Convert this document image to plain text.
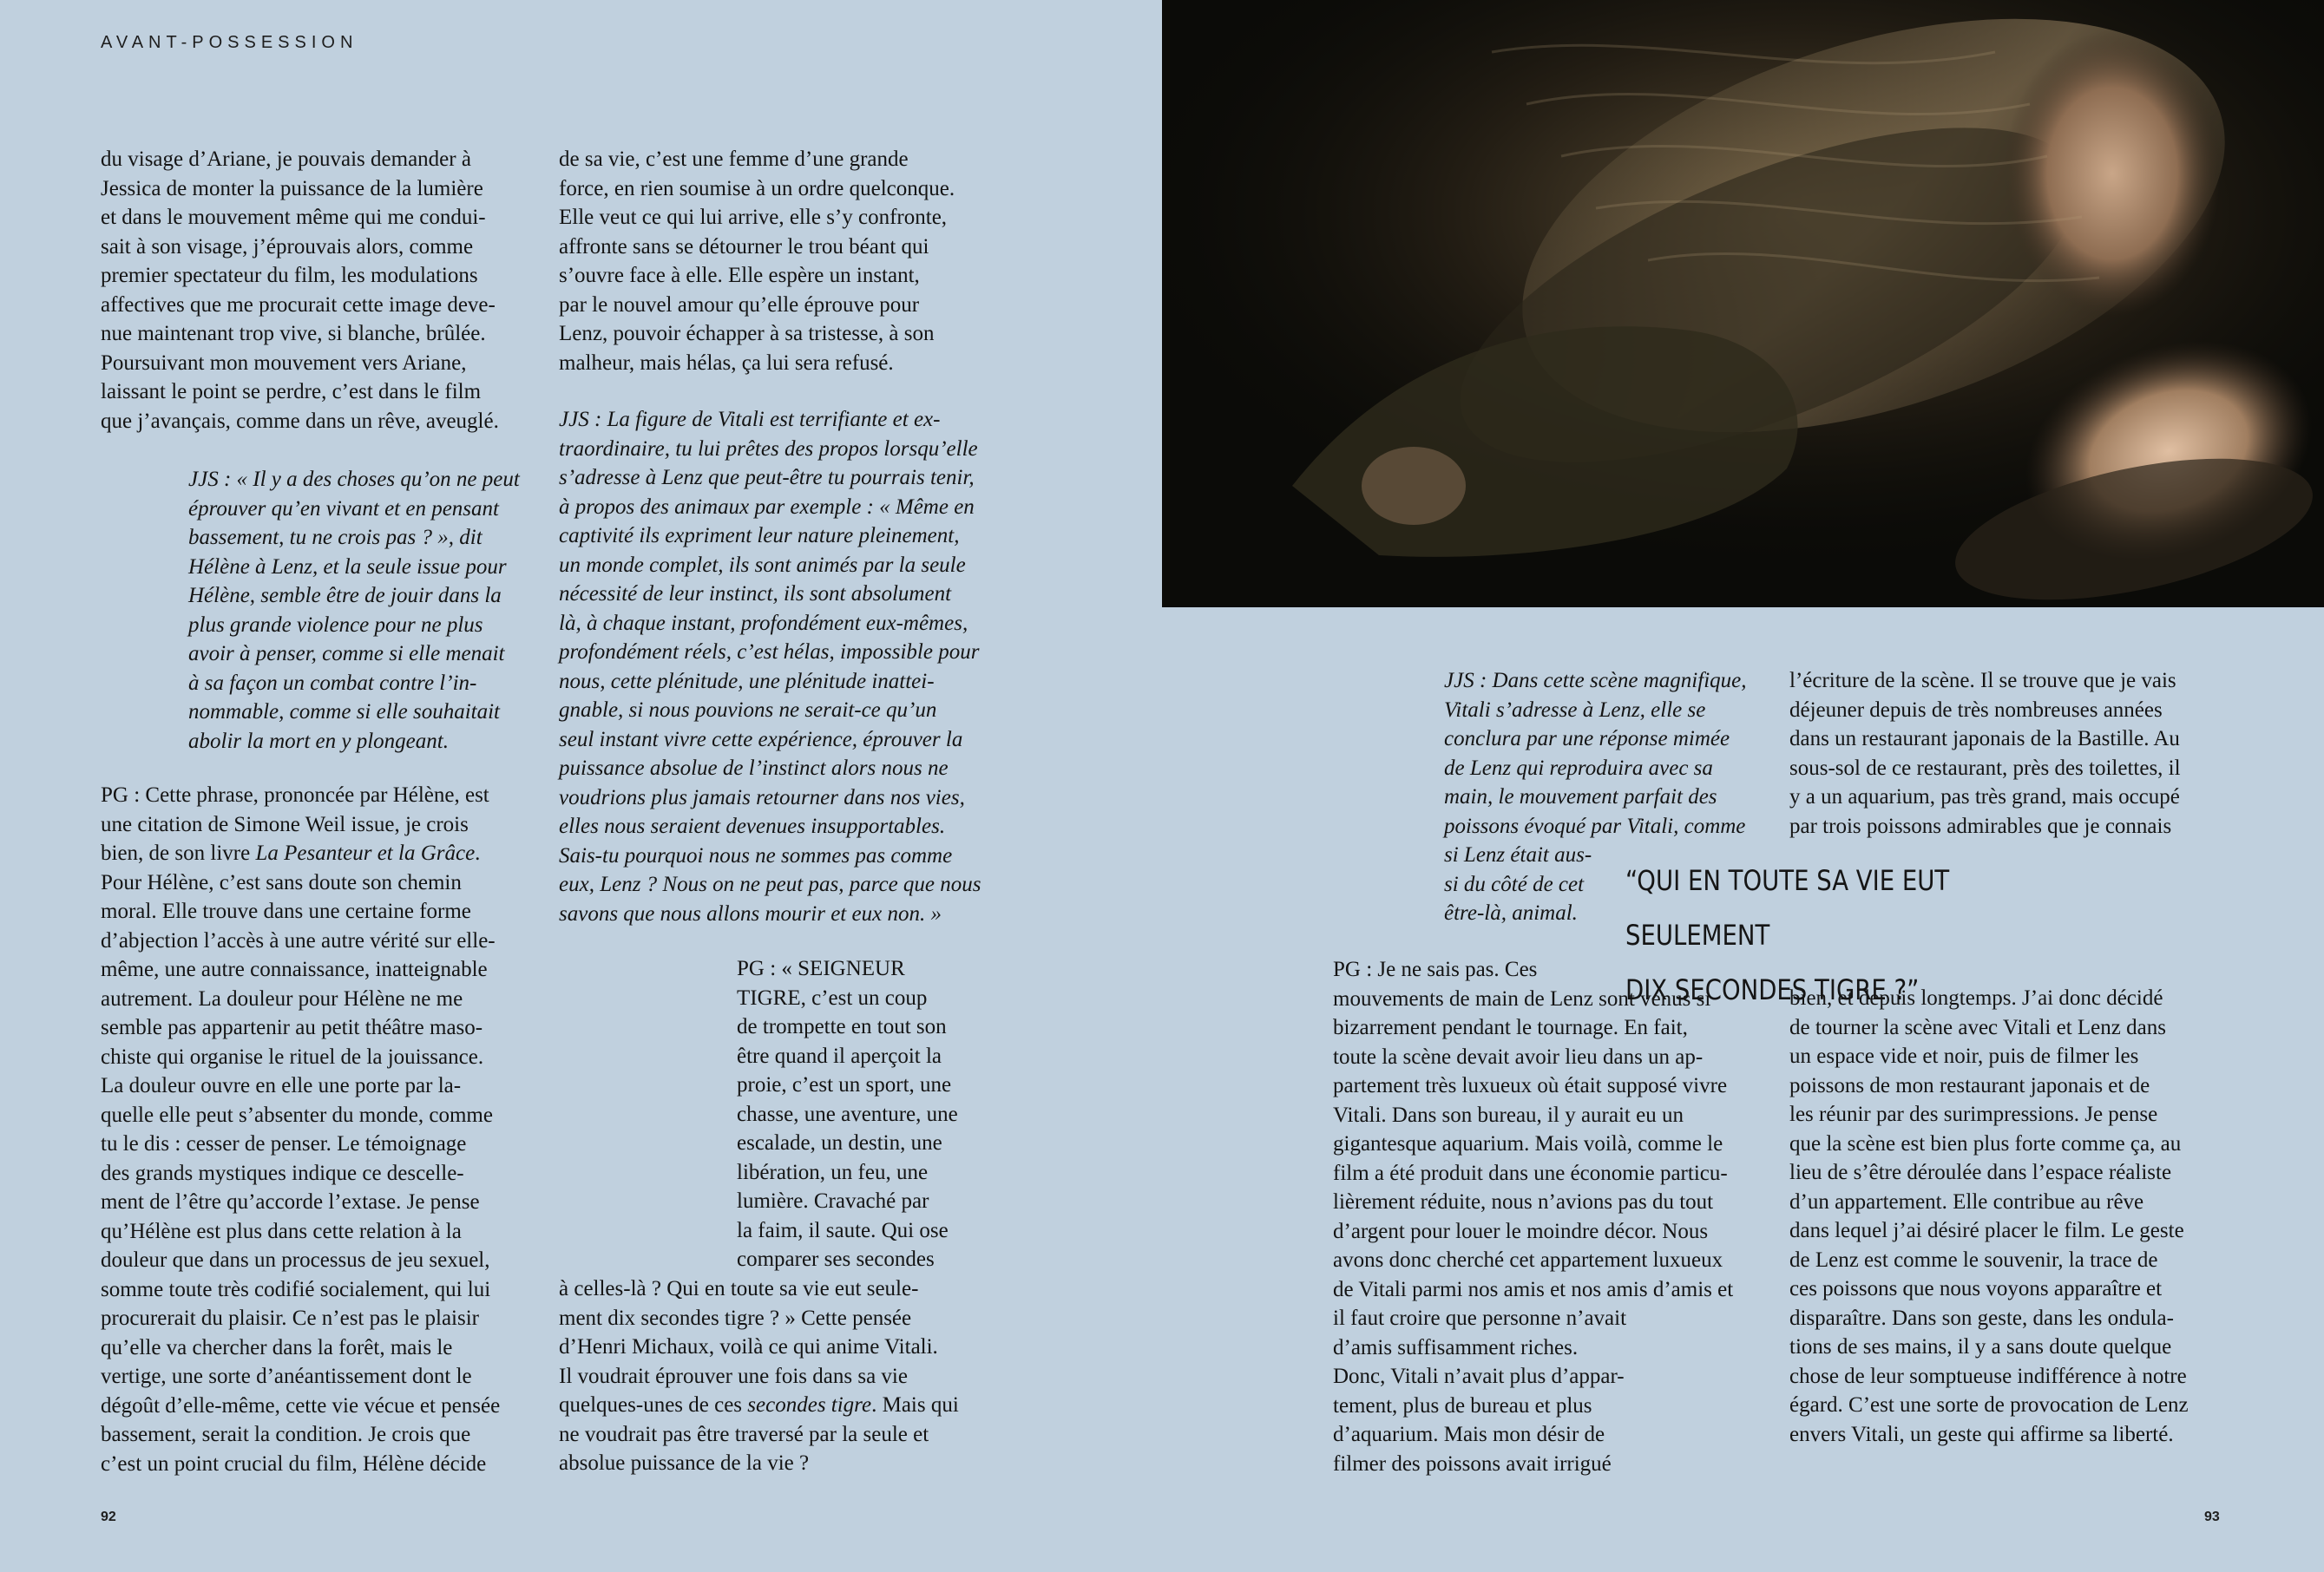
AVANT-POSSESSION

du visage d’Ariane, je pouvais demander à

Jessica de monter la puissance de la lumière

et dans le mouvement même qui me condui-

sait à son visage, j’éprouvais alors, comme

premier spectateur du film, les modulations

affectives que me procurait cette image deve-

nue maintenant trop vive, si blanche, brûlée.

Poursuivant mon mouvement vers Ariane,

laissant le point se perdre, c’est dans le film

que j’avançais, comme dans un rêve, aveuglé.

JJS : « Il y a des choses qu’on ne peut

éprouver qu’en vivant et en pensant

bassement, tu ne crois pas ? », dit

Hélène à Lenz, et la seule issue pour

Hélène, semble être de jouir dans la

plus grande violence pour ne plus

avoir à penser, comme si elle menait

à sa façon un combat contre l’in-

nommable, comme si elle souhaitait

abolir la mort en y plongeant.

PG : Cette phrase, prononcée par Hélène, est

une citation de Simone Weil issue, je crois

bien, de son livre La Pesanteur et la Grâce.

Pour Hélène, c’est sans doute son chemin

moral. Elle trouve dans une certaine forme

d’abjection l’accès à une autre vérité sur elle-

même, une autre connaissance, inatteignable

autrement. La douleur pour Hélène ne me

semble pas appartenir au petit théâtre maso-

chiste qui organise le rituel de la jouissance.

La douleur ouvre en elle une porte par la-

quelle elle peut s’absenter du monde, comme

tu le dis : cesser de penser. Le témoignage

des grands mystiques indique ce descelle-

ment de l’être qu’accorde l’extase. Je pense

qu’Hélène est plus dans cette relation à la

douleur que dans un processus de jeu sexuel,

somme toute très codifié socialement, qui lui

procurerait du plaisir. Ce n’est pas le plaisir

qu’elle va chercher dans la forêt, mais le

vertige, une sorte d’anéantissement dont le

dégoût d’elle-même, cette vie vécue et pensée

bassement, serait la condition. Je crois que

c’est un point crucial du film, Hélène décide

de sa vie, c’est une femme d’une grande

force, en rien soumise à un ordre quelconque.

Elle veut ce qui lui arrive, elle s’y confronte,

affronte sans se détourner le trou béant qui

s’ouvre face à elle. Elle espère un instant,

par le nouvel amour qu’elle éprouve pour

Lenz, pouvoir échapper à sa tristesse, à son

malheur, mais hélas, ça lui sera refusé.

JJS : La figure de Vitali est terrifiante et ex-

traordinaire, tu lui prêtes des propos lorsqu’elle

s’adresse à Lenz que peut-être tu pourrais tenir,

à propos des animaux par exemple : « Même en

captivité ils expriment leur nature pleinement,

un monde complet, ils sont animés par la seule

nécessité de leur instinct, ils sont absolument

là, à chaque instant, profondément eux-mêmes,

profondément réels, c’est hélas, impossible pour

nous, cette plénitude, une plénitude inattei-

gnable, si nous pouvions ne serait-ce qu’un

seul instant vivre cette expérience, éprouver la

puissance absolue de l’instinct alors nous ne

voudrions plus jamais retourner dans nos vies,

elles nous seraient devenues insupportables.

Sais-tu pourquoi nous ne sommes pas comme

eux, Lenz ? Nous on ne peut pas, parce que nous

savons que nous allons mourir et eux non. »

PG : « SEIGNEUR

TIGRE, c’est un coup

de trompette en tout son

être quand il aperçoit la

proie, c’est un sport, une

chasse, une aventure, une

escalade, un destin, une

libération, un feu, une

lumière. Cravaché par

la faim, il saute. Qui ose

comparer ses secondes

à celles-là ? Qui en toute sa vie eut seule-

ment dix secondes tigre ? » Cette pensée

d’Henri Michaux, voilà ce qui anime Vitali.

Il voudrait éprouver une fois dans sa vie

quelques-unes de ces secondes tigre. Mais qui

ne voudrait pas être traversé par la seule et

absolue puissance de la vie ?

92

JJS : Dans cette scène magnifique,

Vitali s’adresse à Lenz, elle se

conclura par une réponse mimée

de Lenz qui reproduira avec sa

main, le mouvement parfait des

poissons évoqué par Vitali, comme

si Lenz était aus-

si du côté de cet

être-là, animal.

PG : Je ne sais pas. Ces

mouvements de main de Lenz sont venus si

bizarrement pendant le tournage. En fait,

toute la scène devait avoir lieu dans un ap-

partement très luxueux où était supposé vivre

Vitali. Dans son bureau, il y aurait eu un

gigantesque aquarium. Mais voilà, comme le

film a été produit dans une économie particu-

lièrement réduite, nous n’avions pas du tout

d’argent pour louer le moindre décor. Nous

avons donc cherché cet appartement luxueux

de Vitali parmi nos amis et nos amis d’amis et

il faut croire que personne n’avait

d’amis suffisamment riches.

Donc, Vitali n’avait plus d’appar-

tement, plus de bureau et plus

d’aquarium. Mais mon désir de

filmer des poissons avait irrigué

l’écriture de la scène. Il se trouve que je vais

déjeuner depuis de très nombreuses années

dans un restaurant japonais de la Bastille. Au

sous-sol de ce restaurant, près des toilettes, il

y a un aquarium, pas très grand, mais occupé

par trois poissons admirables que je connais

“QUI EN TOUTE SA VIE EUT SEULEMENT
DIX SECONDES TIGRE ?”

bien, et depuis longtemps. J’ai donc décidé

de tourner la scène avec Vitali et Lenz dans

un espace vide et noir, puis de filmer les

poissons de mon restaurant japonais et de

les réunir par des surimpressions. Je pense

que la scène est bien plus forte comme ça, au

lieu de s’être déroulée dans l’espace réaliste

d’un appartement. Elle contribue au rêve

dans lequel j’ai désiré placer le film. Le geste

de Lenz est comme le souvenir, la trace de

ces poissons que nous voyons apparaître et

disparaître. Dans son geste, dans les ondula-

tions de ses mains, il y a sans doute quelque

chose de leur somptueuse indifférence à notre

égard. C’est une sorte de provocation de Lenz

envers Vitali, un geste qui affirme sa liberté.

93
